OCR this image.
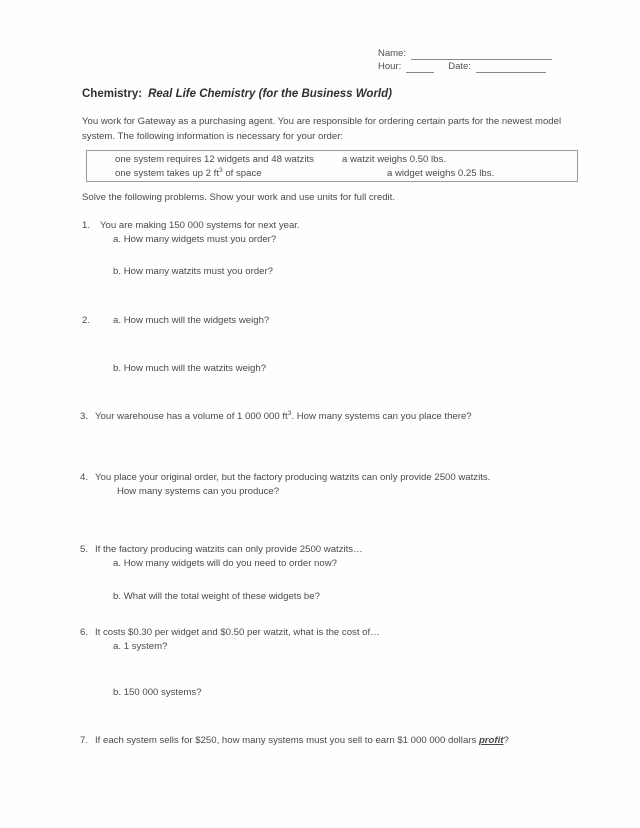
Name:
Hour:	Date:
Chemistry: Real Life Chemistry (for the Business World)
You work for Gateway as a purchasing agent. You are responsible for ordering certain parts for the newest model system. The following information is necessary for your order:
one system requires 12 widgets and 48 watzits	a watzit weighs 0.50 lbs.
one system takes up 2 $ft^3$ of space	a widget weighs 0.25 lbs.
Solve the following problems. Show your work and use units for full credit.
1. You are making 150 000 systems for next year.
a. How many widgets must you order?
b. How many watzits must you order?
2. a. How much will the widgets weigh?
b. How much will the watzits weigh?
3. Your warehouse has a volume of 1 000 000 $ft^3$. How many systems can you place there?
4. You place your original order, but the factory producing watzits can only provide 2500 watzits.
How many systems can you produce?
5. If the factory producing watzits can only provide 2500 watzits…
a. How many widgets will do you need to order now?
b. What will the total weight of these widgets be?
6. It costs $0.30 per widget and $0.50 per watzit, what is the cost of…
a. 1 system?
b. 150 000 systems?
7. If each system sells for $250, how many systems must you sell to earn $1 000 000 dollars profit?
